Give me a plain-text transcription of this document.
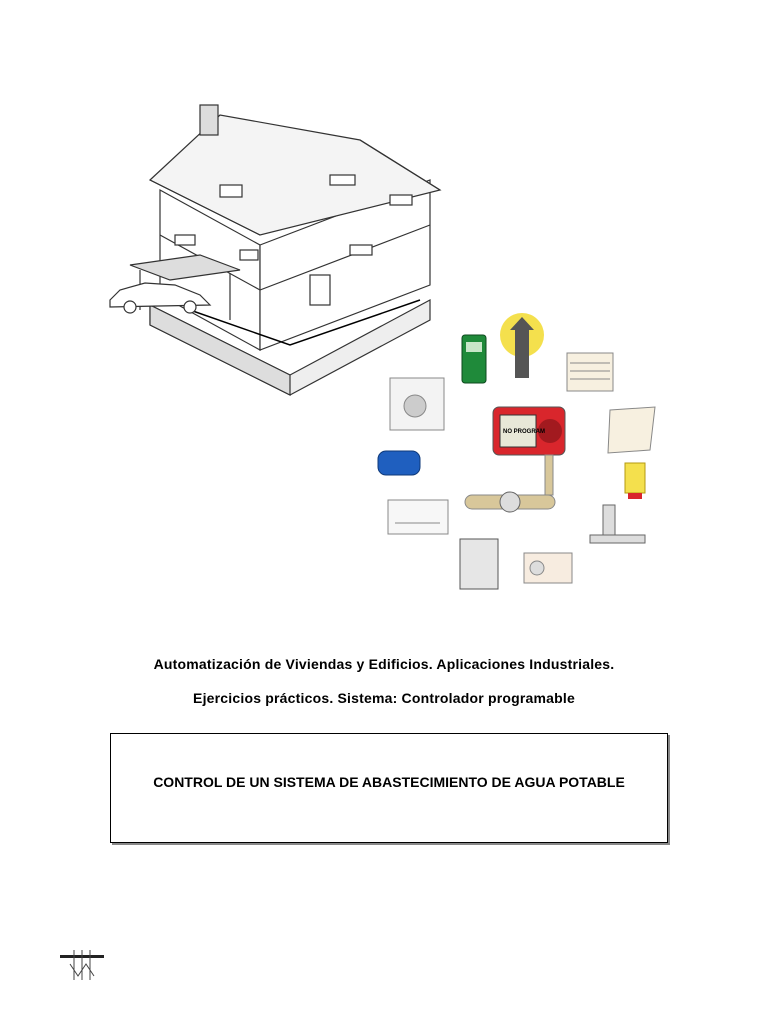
NO PROGRAM
Automatización de Viviendas y Edificios. Aplicaciones Industriales.
Ejercicios prácticos. Sistema: Controlador programable
CONTROL DE UN SISTEMA DE ABASTECIMIENTO DE AGUA POTABLE
